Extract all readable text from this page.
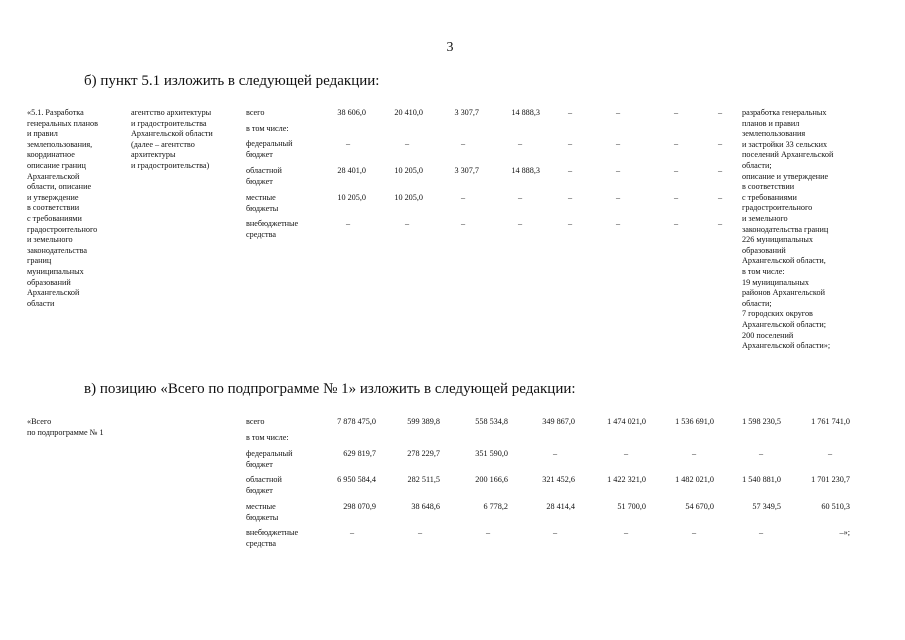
3
б) пункт 5.1 изложить в следующей редакции:
в) позицию «Всего по подпрограмме № 1» изложить в следующей редакции:
«5.1. Разработка
генеральных планов
и правил
землепользования,
координатное
описание границ
Архангельской
области, описание
и утверждение
в соответствии
с требованиями
градостроительного
и земельного
законодательства
границ
муниципальных
образований
Архангельской
области
агентство архитектуры
и градостроительства
Архангельской области
(далее – агентство
архитектуры
и градостроительства)
разработка генеральных
планов и правил
землепользования
и застройки 33 сельских
поселений Архангельской
области;
описание и утверждение
в соответствии
с требованиями
градостроительного
и земельного
законодательства границ
226 муниципальных
образований
Архангельской области,
в том числе:
19 муниципальных
районов Архангельской
области;
7 городских округов
Архангельской области;
200 поселений
Архангельской области»;
всего	38 606,0	20 410,0	3 307,7	14 888,3	–	–	–	–
в том числе:
федеральный
бюджет
–	–	–	–	–	–	–	–
областной
бюджет
28 401,0	10 205,0	3 307,7	14 888,3	–	–	–	–
местные
бюджеты
10 205,0	10 205,0	–	–	–	–	–	–
внебюджетные
средства
–	–	–	–	–	–	–	–
«Всего
по подпрограмме № 1
всего	7 878 475,0	599 389,8	558 534,8	349 867,0	1 474 021,0	1 536 691,0	1 598 230,5	1 761 741,0
в том числе:
федеральный
бюджет
629 819,7	278 229,7	351 590,0	–	–	–	–	–
областной
бюджет
6 950 584,4	282 511,5	200 166,6	321 452,6	1 422 321,0	1 482 021,0	1 540 881,0	1 701 230,7
местные
бюджеты
298 070,9	38 648,6	6 778,2	28 414,4	51 700,0	54 670,0	57 349,5	60 510,3
внебюджетные
средства
–	–	–	–	–	–	–	–»;
